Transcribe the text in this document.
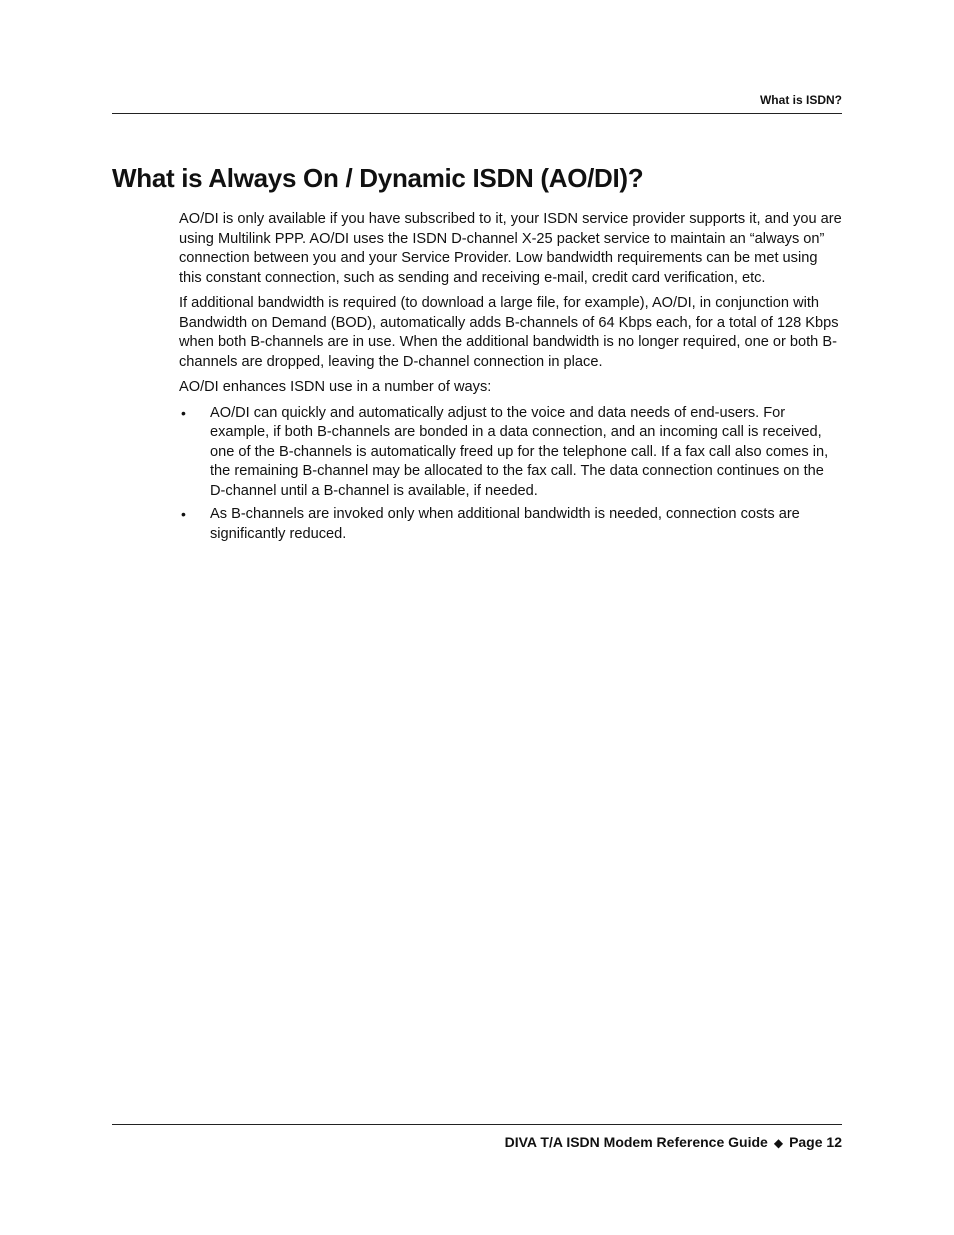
What is ISDN?
What is Always On / Dynamic ISDN (AO/DI)?

AO/DI is only available if you have subscribed to it, your ISDN service provider supports it, and you are using Multilink PPP. AO/DI uses the ISDN D-channel X-25 packet service to maintain an “always on” connection between you and your Service Provider. Low bandwidth requirements can be met using this constant connection, such as sending and receiving e-mail, credit card verification, etc.

If additional bandwidth is required (to download a large file, for example), AO/DI, in conjunction with Bandwidth on Demand (BOD), automatically adds B-channels of 64 Kbps each, for a total of 128 Kbps when both B-channels are in use. When the additional bandwidth is no longer required, one or both B-channels are dropped, leaving the D-channel connection in place.

AO/DI enhances ISDN use in a number of ways:

• AO/DI can quickly and automatically adjust to the voice and data needs of end-users. For example, if both B-channels are bonded in a data connection, and an incoming call is received, one of the B-channels is automatically freed up for the telephone call. If a fax call also comes in, the remaining B-channel may be allocated to the fax call. The data connection continues on the D-channel until a B-channel is available, if needed.
• As B-channels are invoked only when additional bandwidth is needed, connection costs are significantly reduced.
DIVA T/A ISDN Modem Reference Guide ◆ Page 12
